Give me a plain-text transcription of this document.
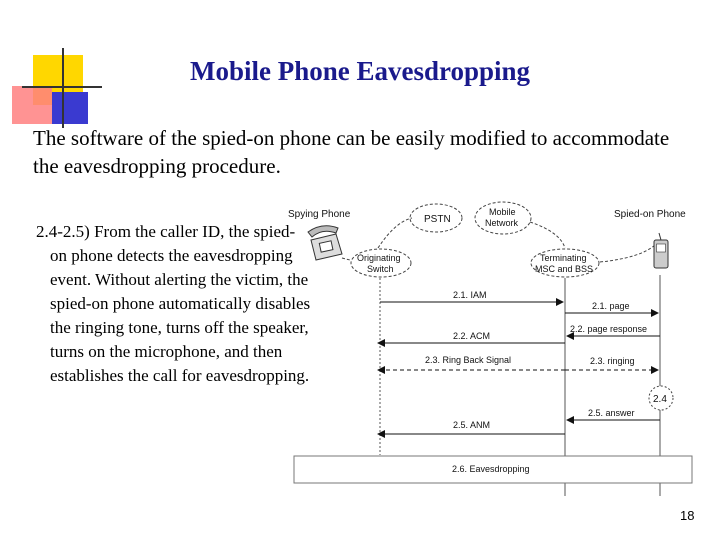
Mobile Phone Eavesdropping
The software of the spied-on phone can be easily modified to accommodate the eavesdropping procedure.
2.4-2.5) From the caller ID, the spied-on phone detects the eavesdropping event. Without alerting the victim, the spied-on phone automatically disables the ringing tone, turns off the speaker, turns on the microphone, and then establishes the call for eavesdropping.
PSTN
Mobile
Network
Originating
Switch
Terminating
MSC and BSS
Spying Phone	Spied-on Phone
2.1. IAM
2.1. page
2.2. ACM
2.2. page response
2.3. Ring Back Signal	2.3. ringing
2.4
2.5. answer
2.5. ANM
2.6. Eavesdropping
18
